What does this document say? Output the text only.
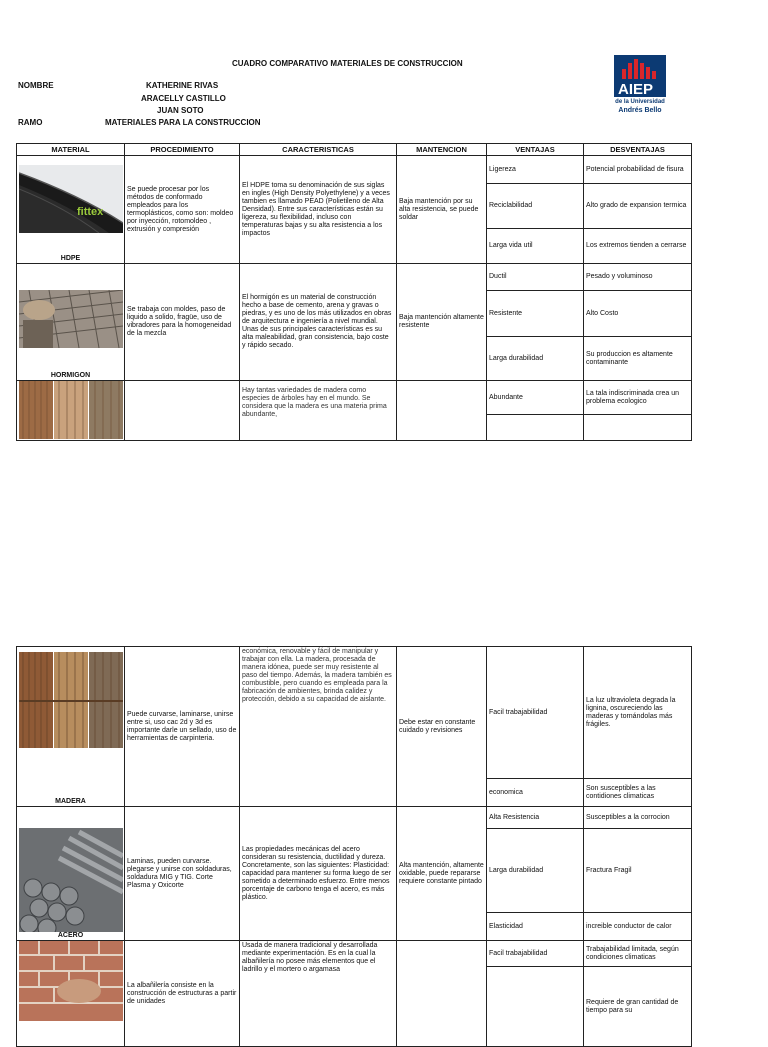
CUADRO COMPARATIVO MATERIALES DE CONSTRUCCION
NOMBRE	KATHERINE RIVAS
ARACELLY CASTILLO
JUAN SOTO
RAMO	MATERIALES PARA LA CONSTRUCCION
AIEP
de la Universidad
Andrés Bello
MATERIAL	PROCEDIMIENTO	CARACTERISTICAS	MANTENCION	VENTAJAS	DESVENTAJAS

fittex
HDPE	Se puede procesar por los métodos de conformado empleados para los termoplásticos, como son: moldeo por inyección, rotomoldeo , extrusión y compresión	El HDPE toma su denominación de sus siglas en ingles (High Density Polyethylene) y a veces tambien es llamado PEAD (Polietileno de Alta Densidad). Entre sus características están su ligereza, su flexibilidad, incluso con temperaturas bajas y su alta resistencia a los impactos	Baja mantención por su alta resistencia, se puede soldar	Ligereza	Potencial probabilidad de fisura
				Reciclabilidad	Alto grado de expansion termica
				Larga vida util	Los extremos tienden a cerrarse

HORMIGON	Se trabaja con moldes, paso de liquido a solido, fragüe, uso de vibradores para la homogeneidad de la mezcla	El hormigón es un material de construcción hecho a base de cemento, arena y gravas o piedras, y es uno de los más utilizados en obras de arquitectura e ingeniería a nivel mundial. Unas de sus principales características es su alta maleabilidad, gran consistencia, bajo coste y rápido secado.	Baja mantención altamente resistente	Ductil	Pesado y voluminoso
				Resistente	Alto Costo
				Larga durabilidad	Su produccion es altamente contaminante

		Hay tantas variedades de madera como especies de árboles hay en el mundo. Se considera que la madera es una materia prima abundante,		Abundante	La tala indiscriminada crea un problema ecologico

MADERA	Puede curvarse, laminarse, unirse entre si, uso cac 2d y 3d es importante darle un sellado, uso de herramientas de carpinteria.	económica, renovable y fácil de manipular y trabajar con ella. La madera, procesada de manera idónea, puede ser muy resistente al paso del tiempo. Además, la madera también es combustible, pero cuando es empleada para la fabricación de ambientes, brinda calidez y protección, debido a su capacidad de aislante.	Debe estar en constante cuidado y revisiones	Facil trabajabilidad	La luz ultravioleta degrada la lignina, oscureciendo las maderas y tornándolas más frágiles.
				economica	Son susceptibles a las contidiones climaticas

ACERO	Laminas, pueden curvarse. plegarse y unirse con soldaduras, soldadura MIG y TIG. Corte Plasma y Oxicorte	Las propiedades mecánicas del acero consideran su resistencia, ductilidad y dureza. Concretamente, son las siguientes: Plasticidad: capacidad para mantener su forma luego de ser sometido a determinado esfuerzo. Entre menos porcentaje de carbono tenga el acero, es más plástico.	Alta mantención, altamente oxidable, puede repararse requiere constante pintado	Alta Resistencia	Susceptibles a la corrocion
				Larga durabilidad	Fractura Fragil
				Elasticidad	increible conductor de calor

	La albañilería consiste en la construcción de estructuras a partir de unidades	Usada de manera tradicional y desarrollada mediante experimentación. Es en la cual la albañilería no posee más elementos que el ladrillo y el mortero o argamasa		Facil trabajabilidad	Trabajabilidad limitada, según condiciones climaticas
					Requiere de gran cantidad de tiempo para su
